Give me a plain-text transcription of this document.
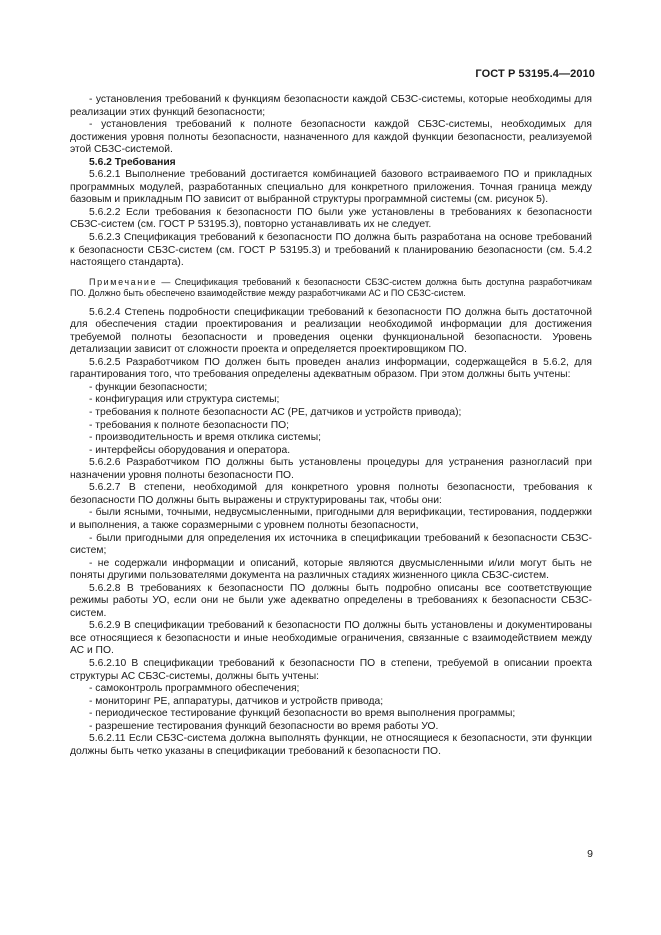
ГОСТ Р 53195.4—2010

- установления требований к функциям безопасности каждой СБЗС-системы, которые необходимы для реализации этих функций безопасности;

- установления требований к полноте безопасности каждой СБЗС-системы, необходимых для достижения уровня полноты безопасности, назначенного для каждой функции безопасности, реализуемой этой СБЗС-системой.

5.6.2 Требования

5.6.2.1 Выполнение требований достигается комбинацией базового встраиваемого ПО и прикладных программных модулей, разработанных специально для конкретного приложения. Точная граница между базовым и прикладным ПО зависит от выбранной структуры программной системы (см. рисунок 5).

5.6.2.2 Если требования к безопасности ПО были уже установлены в требованиях к безопасности СБЗС-систем (см. ГОСТ Р 53195.3), повторно устанавливать их не следует.

5.6.2.3 Спецификация требований к безопасности ПО должна быть разработана на основе требований к безопасности СБЗС-систем (см. ГОСТ Р 53195.3) и требований к планированию безопасности (см. 5.4.2 настоящего стандарта).

Примечание — Спецификация требований к безопасности СБЗС-систем должна быть доступна разработчикам ПО. Должно быть обеспечено взаимодействие между разработчиками АС и ПО СБЗС-систем.

5.6.2.4 Степень подробности спецификации требований к безопасности ПО должна быть достаточной для обеспечения стадии проектирования и реализации необходимой информации для достижения требуемой полноты безопасности и проведения оценки функциональной безопасности. Уровень детализации зависит от сложности проекта и определяется проектировщиком ПО.

5.6.2.5 Разработчиком ПО должен быть проведен анализ информации, содержащейся в 5.6.2, для гарантирования того, что требования определены адекватным образом. При этом должны быть учтены:

- функции безопасности;

- конфигурация или структура системы;

- требования к полноте безопасности АС (РЕ, датчиков и устройств привода);

- требования к полноте безопасности ПО;

- производительность и время отклика системы;

- интерфейсы оборудования и оператора.

5.6.2.6 Разработчиком ПО должны быть установлены процедуры для устранения разногласий при назначении уровня полноты безопасности ПО.

5.6.2.7 В степени, необходимой для конкретного уровня полноты безопасности, требования к безопасности ПО должны быть выражены и структурированы так, чтобы они:

- были ясными, точными, недвусмысленными, пригодными для верификации, тестирования, поддержки и выполнения, а также соразмерными с уровнем полноты безопасности,

- были пригодными для определения их источника в спецификации требований к безопасности СБЗС-систем;

- не содержали информации и описаний, которые являются двусмысленными и/или могут быть не поняты другими пользователями документа на различных стадиях жизненного цикла СБЗС-систем.

5.6.2.8 В требованиях к безопасности ПО должны быть подробно описаны все соответствующие режимы работы УО, если они не были уже адекватно определены в требованиях к безопасности СБЗС-систем.

5.6.2.9 В спецификации требований к безопасности ПО должны быть установлены и документированы все относящиеся к безопасности и иные необходимые ограничения, связанные с взаимодействием между АС и ПО.

5.6.2.10 В спецификации требований к безопасности ПО в степени, требуемой в описании проекта структуры АС СБЗС-системы, должны быть учтены:

- самоконтроль программного обеспечения;

- мониторинг РЕ, аппаратуры, датчиков и устройств привода;

- периодическое тестирование функций безопасности во время выполнения программы;

- разрешение тестирования функций безопасности во время работы УО.

5.6.2.11 Если СБЗС-система должна выполнять функции, не относящиеся к безопасности, эти функции должны быть четко указаны в спецификации требований к безопасности ПО.

9
